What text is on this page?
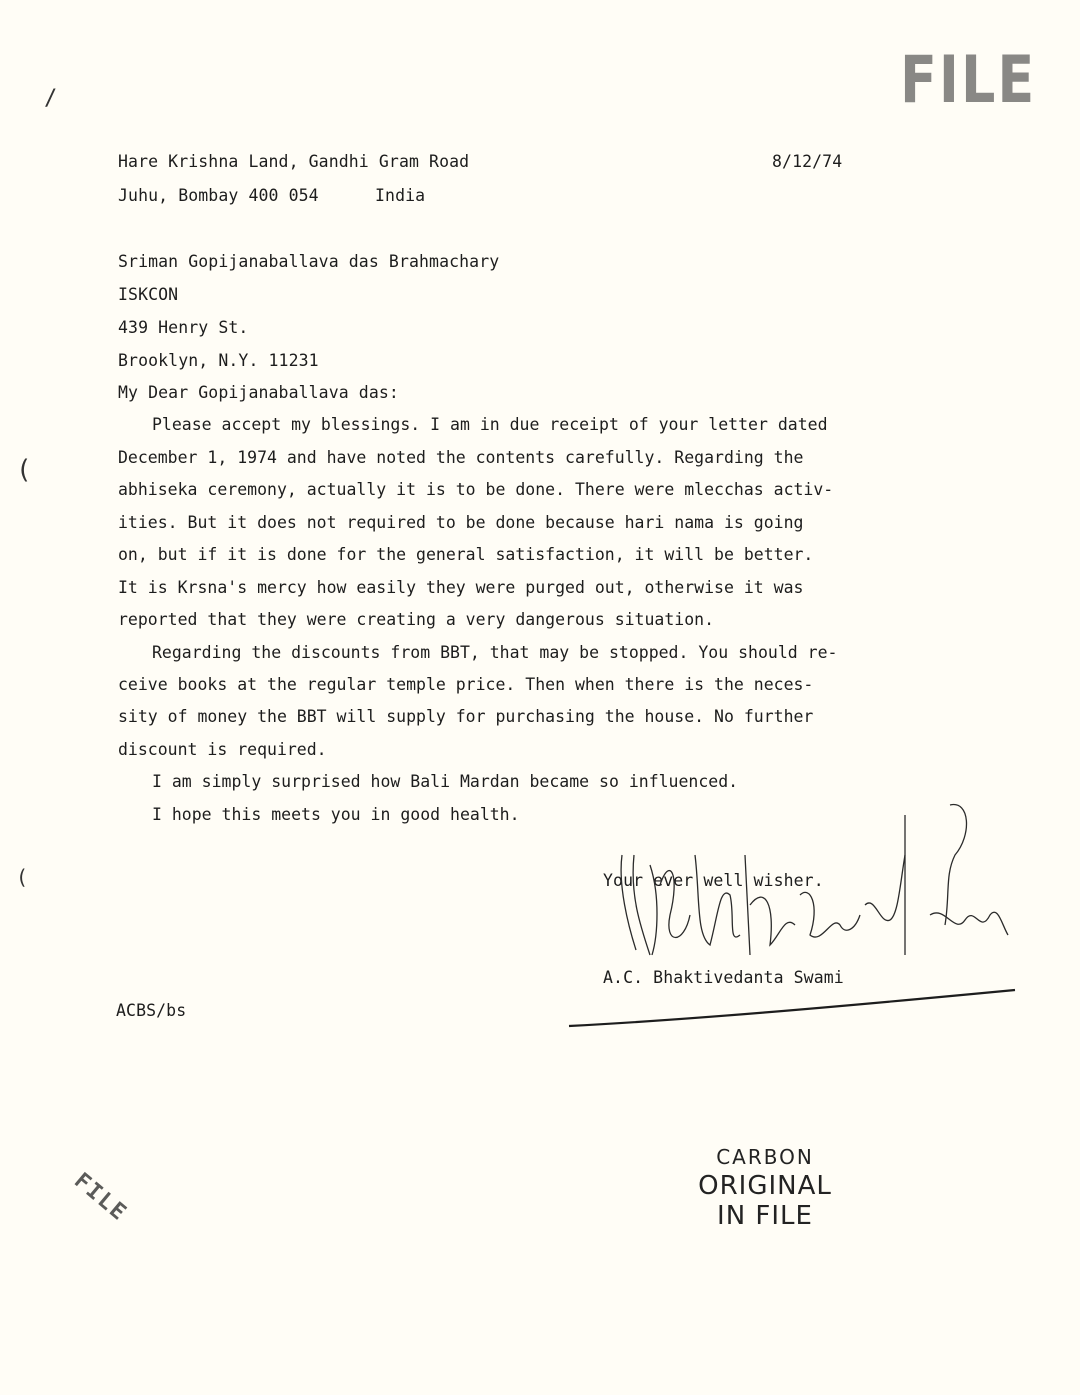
FILE
/
(
(
Hare Krishna Land, Gandhi Gram Road	8/12/74
Juhu, Bombay 400 054	India
Sriman Gopijanaballava das Brahmachary
ISKCON
439 Henry St.
Brooklyn, N.Y. 11231
My Dear Gopijanaballava das:
Please accept my blessings. I am in due receipt of your letter dated
December 1, 1974 and have noted the contents carefully. Regarding the
abhiseka ceremony, actually it is to be done. There were mlecchas activ-
ities. But it does not required to be done because hari nama is going
on, but if it is done for the general satisfaction, it will be better.
It is Krsna's mercy how easily they were purged out, otherwise it was
reported that they were creating a very dangerous situation.
Regarding the discounts from BBT, that may be stopped. You should re-
ceive books at the regular temple price. Then when there is the neces-
sity of money the BBT will supply for purchasing the house. No further
discount is required.
I am simply surprised how Bali Mardan became so influenced.
I hope this meets you in good health.
Your ever well wisher.
A.C. Bhaktivedanta Swami
ACBS/bs
CARBON
ORIGINAL
IN FILE
FILE
